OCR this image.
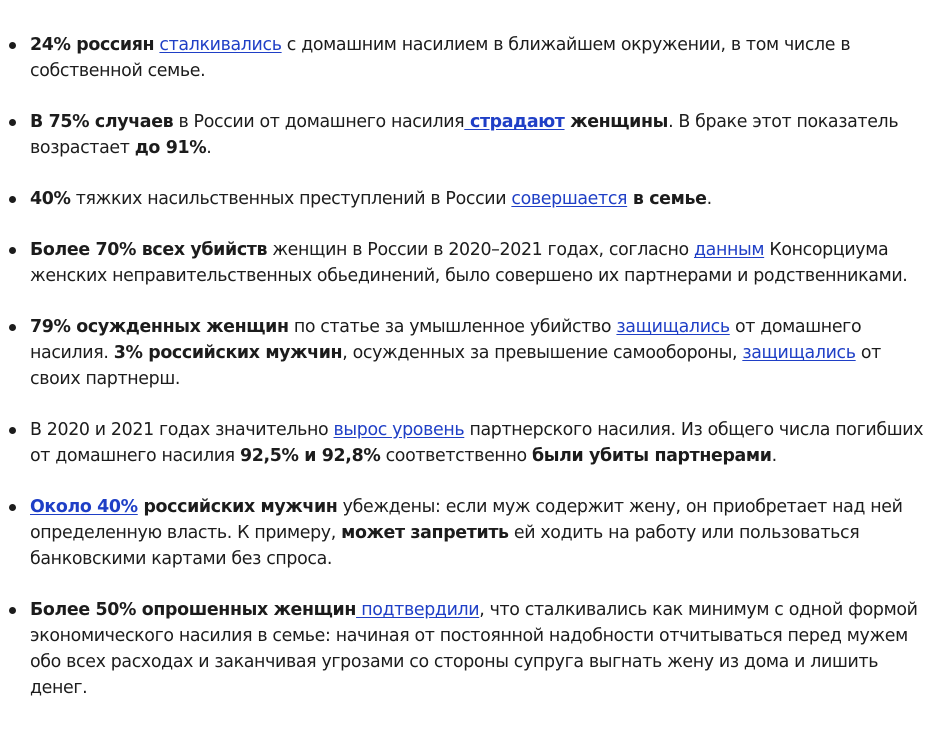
24% россиян сталкивались с домашним насилием в ближайшем окружении, в том числе в собственной семье.
В 75% случаев в России от домашнего насилия страдают женщины. В браке этот показатель возрастает до 91%.
40% тяжких насильственных преступлений в России совершается в семье.
Более 70% всех убийств женщин в России в 2020–2021 годах, согласно данным Консорциума женских неправительственных обьединений, было совершено их партнерами и родственниками.
79% осужденных женщин по статье за умышленное убийство защищались от домашнего насилия. 3% российских мужчин, осужденных за превышение самообороны, защищались от своих партнерш.
В 2020 и 2021 годах значительно вырос уровень партнерского насилия. Из общего числа погибших от домашнего насилия 92,5% и 92,8% соответственно были убиты партнерами.
Около 40% российских мужчин убеждены: если муж содержит жену, он приобретает над ней определенную власть. К примеру, может запретить ей ходить на работу или пользоваться банковскими картами без спроса.
Более 50% опрошенных женщин подтвердили, что сталкивались как минимум с одной формой экономического насилия в семье: начиная от постоянной надобности отчитываться перед мужем обо всех расходах и заканчивая угрозами со стороны супруга выгнать жену из дома и лишить денег.
